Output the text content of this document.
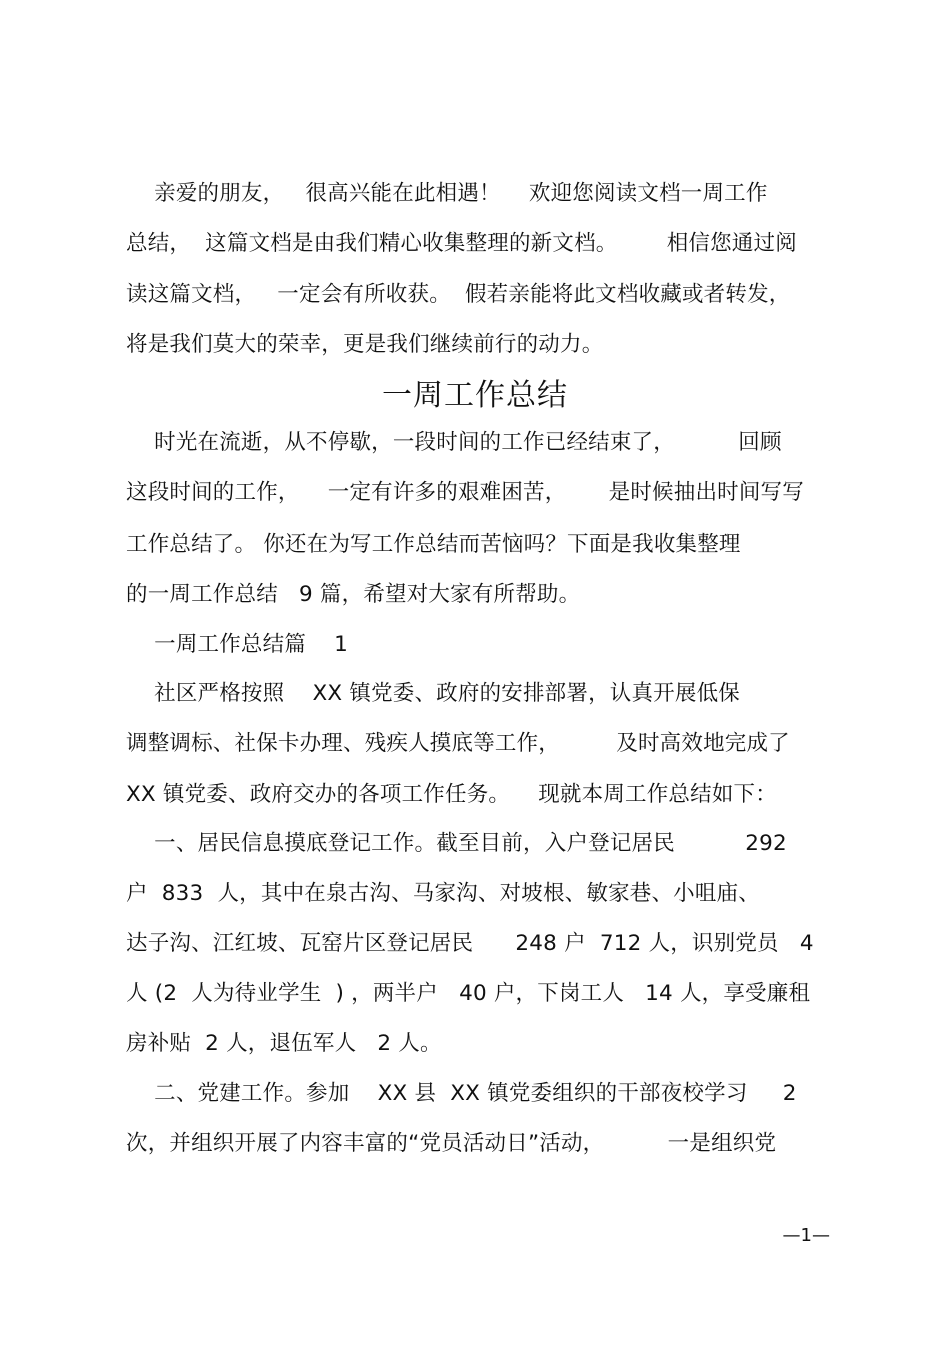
亲爱的朋友，   很高兴能在此相遇！    欢迎您阅读文档一周工作
总结，  这篇文档是由我们精心收集整理的新文档。       相信您通过阅
读这篇文档，   一定会有所收获。  假若亲能将此文档收藏或者转发，
将是我们莫大的荣幸，更是我们继续前行的动力。
一周工作总结
时光在流逝，从不停歇，一段时间的工作已经结束了，         回顾
这段时间的工作，    一定有许多的艰难困苦，      是时候抽出时间写写
工作总结了。 你还在为写工作总结而苦恼吗？下面是我收集整理
的一周工作总结   9 篇，希望对大家有所帮助。
一周工作总结篇    1
社区严格按照    XX 镇党委、政府的安排部署，认真开展低保
调整调标、社保卡办理、残疾人摸底等工作，        及时高效地完成了
XX 镇党委、政府交办的各项工作任务。    现就本周工作总结如下：
一、居民信息摸底登记工作。截至目前，入户登记居民          292
户  833  人，其中在泉古沟、马家沟、对坡根、敏家巷、小咀庙、
达子沟、江红坡、瓦窑片区登记居民      248 户  712 人，识别党员   4
人 (2  人为待业学生  ) ，两半户   40 户，下岗工人   14 人，享受廉租
房补贴  2 人，退伍军人   2 人。
二、党建工作。参加    XX 县  XX 镇党委组织的干部夜校学习     2
次，并组织开展了内容丰富的“党员活动日”活动，         一是组织党
—1—
